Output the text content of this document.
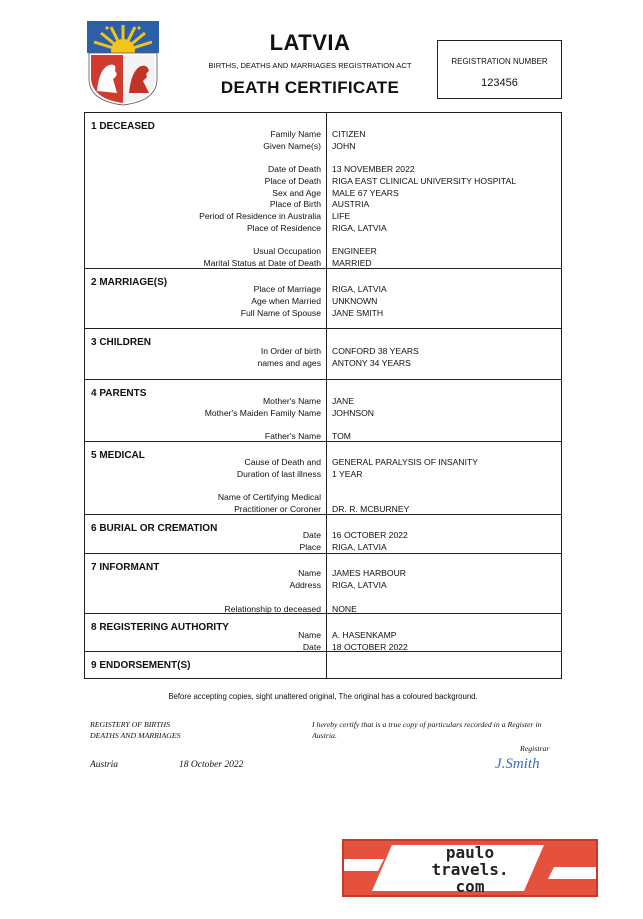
LATVIA
BIRTHS, DEATHS AND MARRIAGES REGISTRATION ACT
DEATH CERTIFICATE
REGISTRATION NUMBER
123456
1 DECEASED
Family Name CITIZEN
Given Name(s) JOHN
Date of Death 13 NOVEMBER 2022
Place of Death RIGA EAST CLINICAL UNIVERSITY HOSPITAL
Sex and Age MALE 67 YEARS
Place of Birth AUSTRIA
Period of Residence in Australia LIFE
Place of Residence RIGA, LATVIA
Usual Occupation ENGINEER
Marital Status at Date of Death MARRIED
2 MARRIAGE(S)
Place of Marriage RIGA, LATVIA
Age when Married UNKNOWN
Full Name of Spouse JANE SMITH
3 CHILDREN
In Order of birth CONFORD 38 YEARS
names and ages ANTONY 34 YEARS
4 PARENTS
Mother's Name JANE
Mother's Maiden Family Name JOHNSON
Father's Name TOM
5 MEDICAL
Cause of Death and GENERAL PARALYSIS OF INSANITY
Duration of last illness 1 YEAR
Name of Certifying Medical
Practitioner or Coroner DR. R. MCBURNEY
6 BURIAL OR CREMATION
Date 16 OCTOBER 2022
Place RIGA, LATVIA
7 INFORMANT	Name JAMES HARBOUR
Address RIGA, LATVIA
Relationship to deceased NONE
8 REGISTERING AUTHORITY
Name A. HASENKAMP
Date 18 OCTOBER 2022
9 ENDORSEMENT(S)
Before accepting copies, sight unaltered original, The original has a coloured background.
REGISTERY OF BIRTHS
DEATHS AND MARRIAGES
I hereby certify that is a true copy of particulars recorded in a Register in Austria.
Registrar
J.Smith
Austria	18 October 2022
paulo
travels.
com
